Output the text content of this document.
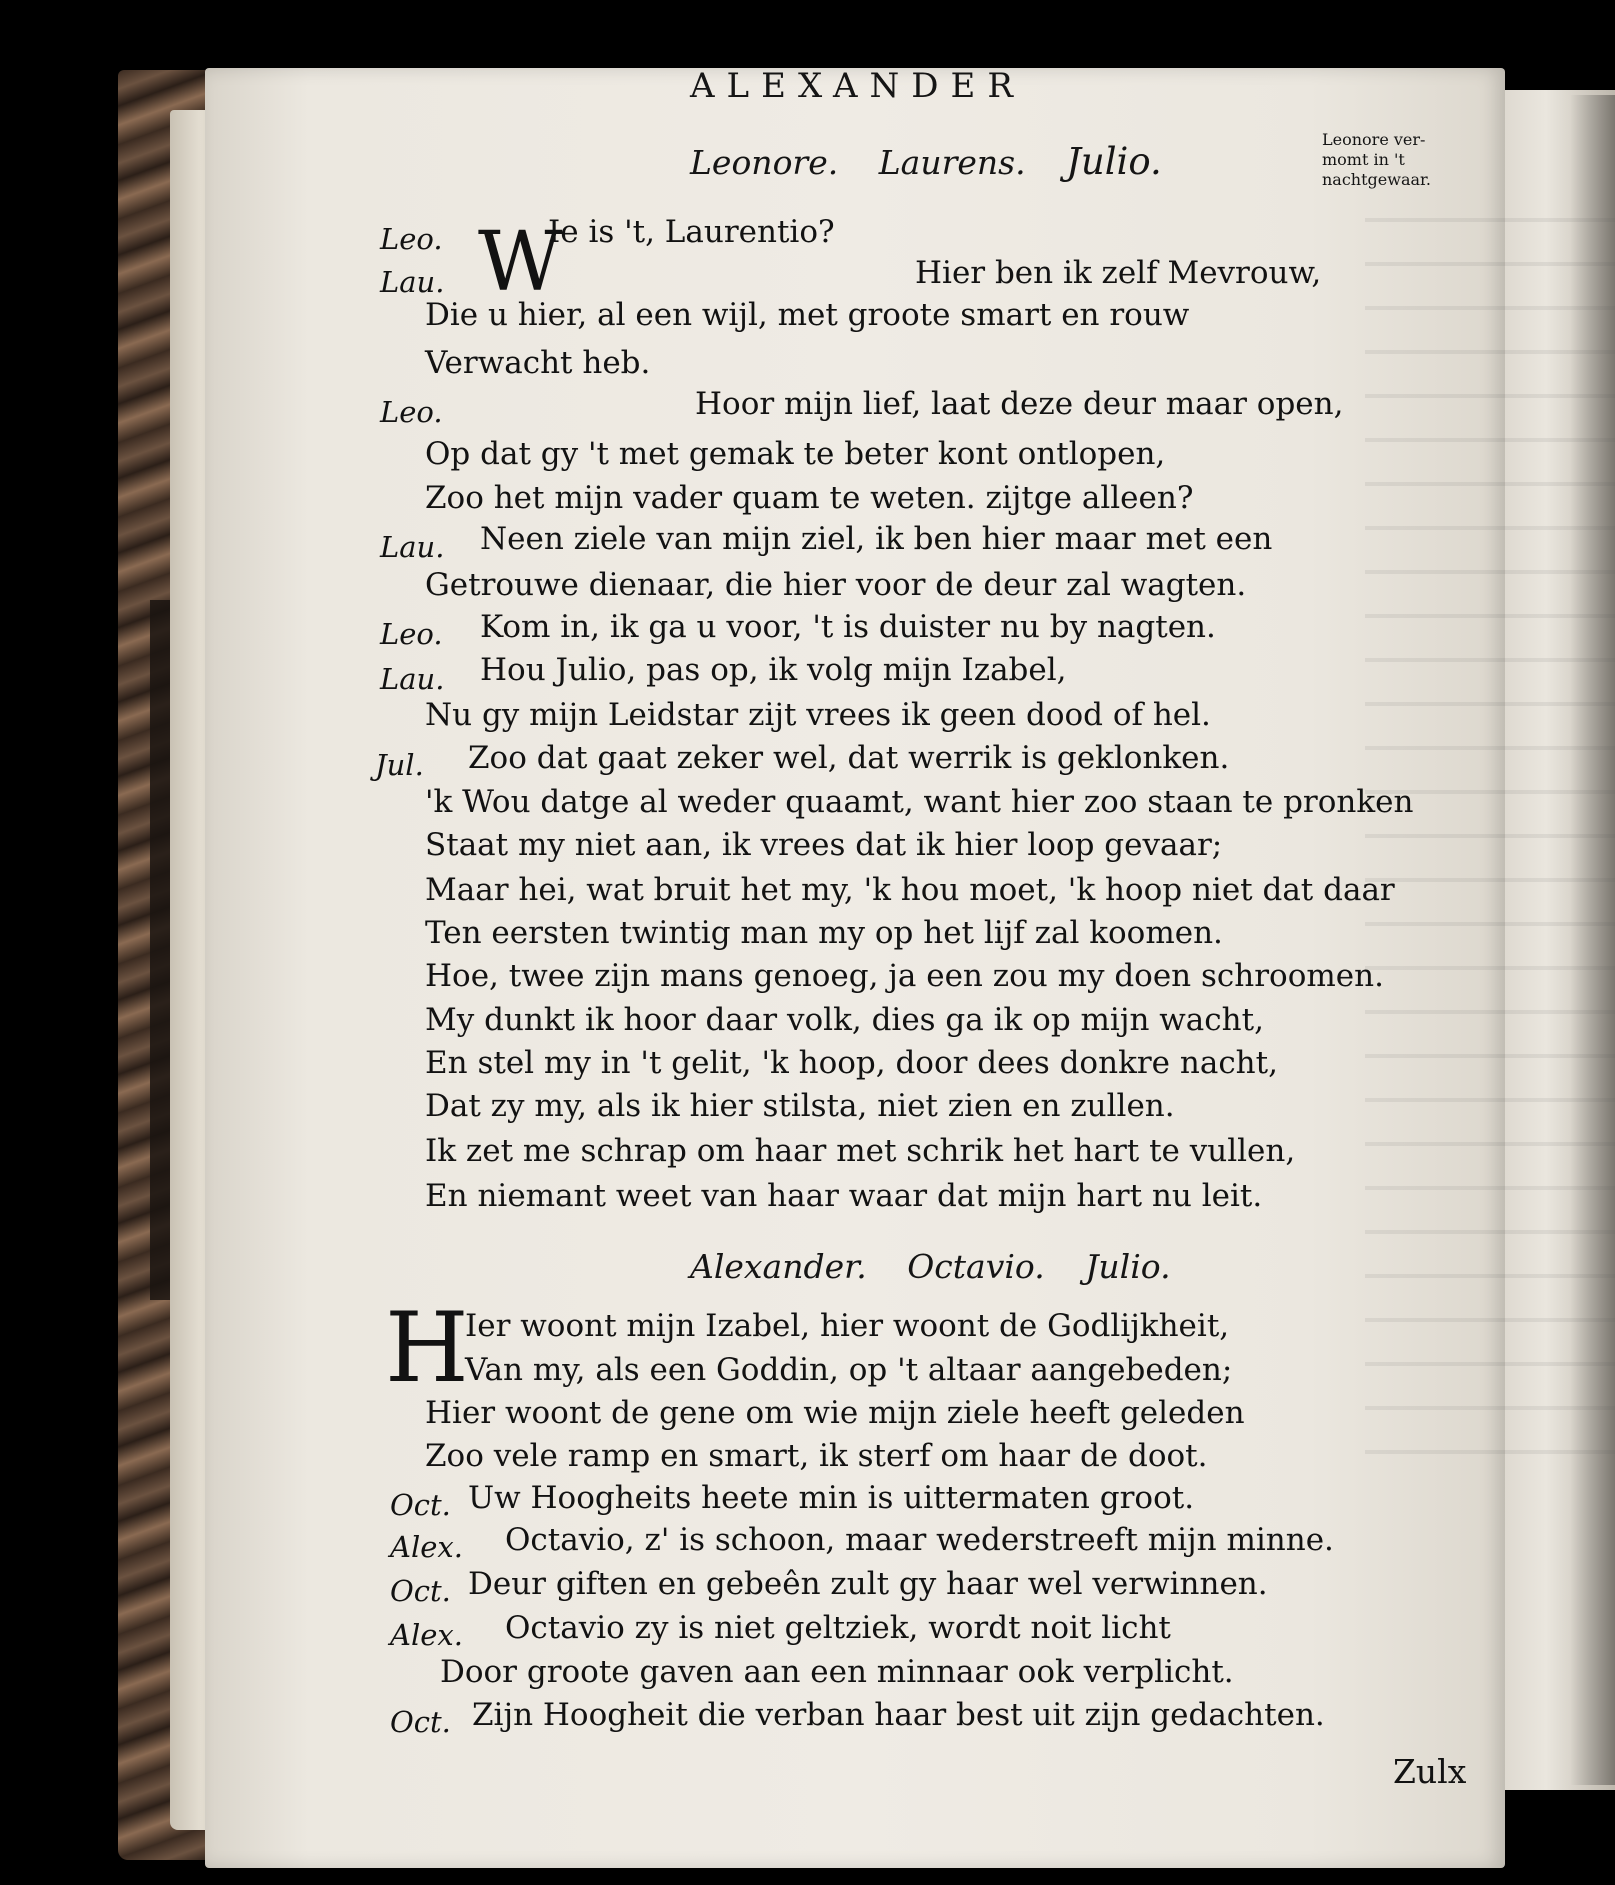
ALEXANDER
Leonore. Laurens. Julio.
Leonore ver-
momt in 't
nachtgewaar.
W
Leo.	Ie is 't, Laurentio?
Lau.	Hier ben ik zelf Mevrouw,
Die u hier, al een wijl, met groote smart en rouw
Verwacht heb.
Leo.	Hoor mijn lief, laat deze deur maar open,
Op dat gy 't met gemak te beter kont ontlopen,
Zoo het mijn vader quam te weten. zijtge alleen?
Lau. Neen ziele van mijn ziel, ik ben hier maar met een
Getrouwe dienaar, die hier voor de deur zal wagten.
Leo. Kom in, ik ga u voor, 't is duister nu by nagten.
Lau. Hou Julio, pas op, ik volg mijn Izabel,
Nu gy mijn Leidstar zijt vrees ik geen dood of hel.
Jul. Zoo dat gaat zeker wel, dat werrik is geklonken.
'k Wou datge al weder quaamt, want hier zoo staan te pronken
Staat my niet aan, ik vrees dat ik hier loop gevaar;
Maar hei, wat bruit het my, 'k hou moet, 'k hoop niet dat daar
Ten eersten twintig man my op het lijf zal koomen.
Hoe, twee zijn mans genoeg, ja een zou my doen schroomen.
My dunkt ik hoor daar volk, dies ga ik op mijn wacht,
En stel my in 't gelit, 'k hoop, door dees donkre nacht,
Dat zy my, als ik hier stilsta, niet zien en zullen.
Ik zet me schrap om haar met schrik het hart te vullen,
En niemant weet van haar waar dat mijn hart nu leit.
Alexander. Octavio. Julio.
H
Ier woont mijn Izabel, hier woont de Godlijkheit,
Van my, als een Goddin, op 't altaar aangebeden;
Hier woont de gene om wie mijn ziele heeft geleden
Zoo vele ramp en smart, ik sterf om haar de doot.
Oct. Uw Hoogheits heete min is uittermaten groot.
Alex. Octavio, z' is schoon, maar wederstreeft mijn minne.
Oct. Deur giften en gebeên zult gy haar wel verwinnen.
Alex. Octavio zy is niet geltziek, wordt noit licht
Door groote gaven aan een minnaar ook verplicht.
Oct. Zijn Hoogheit die verban haar best uit zijn gedachten.
Zulx
